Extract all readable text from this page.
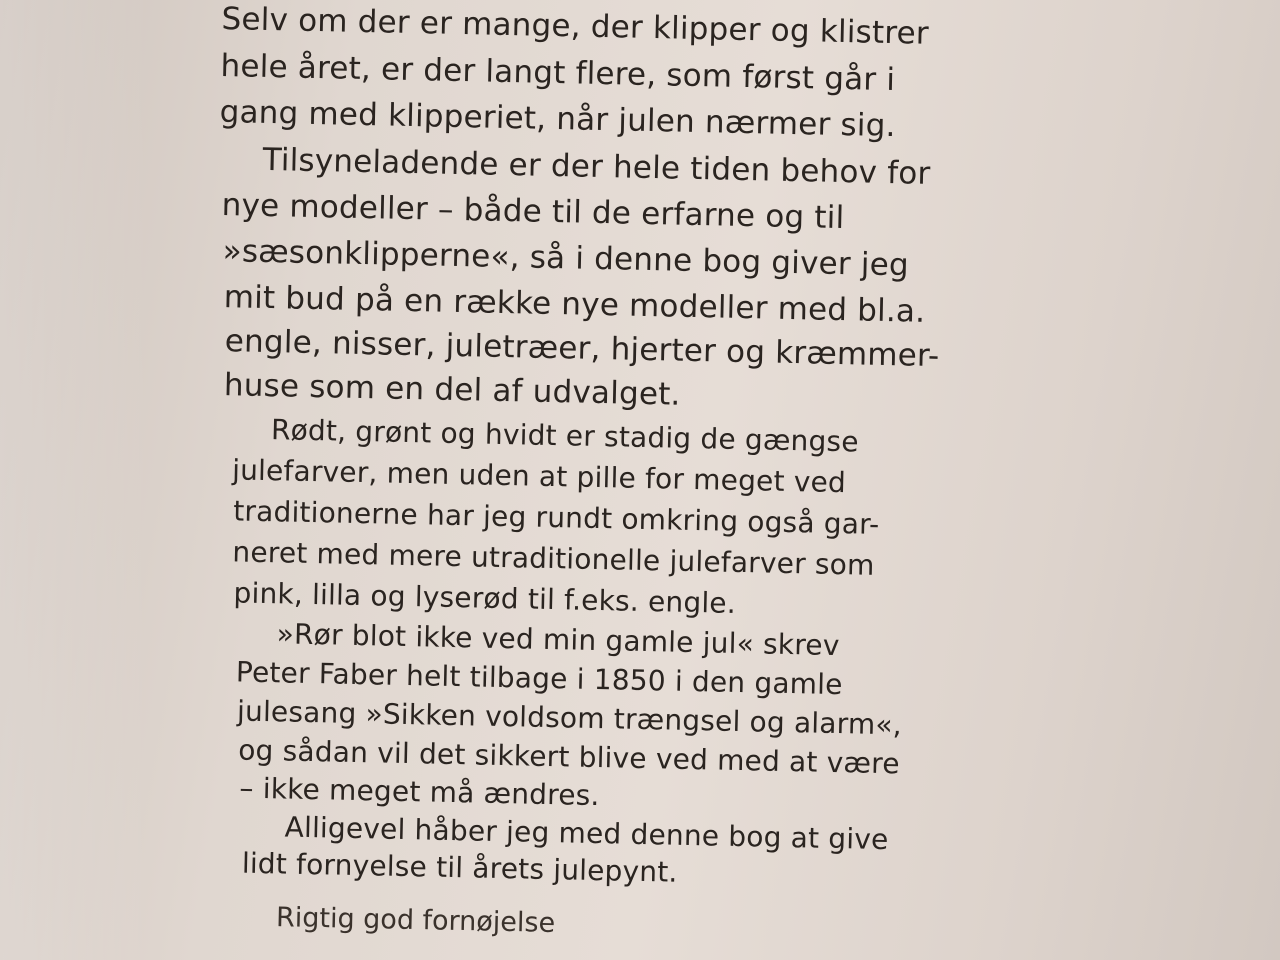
Selv om der er mange, der klipper og klistrer
hele året, er der langt flere, som først går i
gang med klipperiet, når julen nærmer sig.
Tilsyneladende er der hele tiden behov for
nye modeller – både til de erfarne og til
»sæsonklipperne«, så i denne bog giver jeg
mit bud på en række nye modeller med bl.a.
engle, nisser, juletræer, hjerter og kræmmer-
huse som en del af udvalget.
Rødt, grønt og hvidt er stadig de gængse
julefarver, men uden at pille for meget ved
traditionerne har jeg rundt omkring også gar-
neret med mere utraditionelle julefarver som
pink, lilla og lyserød til f.eks. engle.
»Rør blot ikke ved min gamle jul« skrev
Peter Faber helt tilbage i 1850 i den gamle
julesang »Sikken voldsom trængsel og alarm«,
og sådan vil det sikkert blive ved med at være
– ikke meget må ændres.
Alligevel håber jeg med denne bog at give
lidt fornyelse til årets julepynt.
Rigtig god fornøjelse
